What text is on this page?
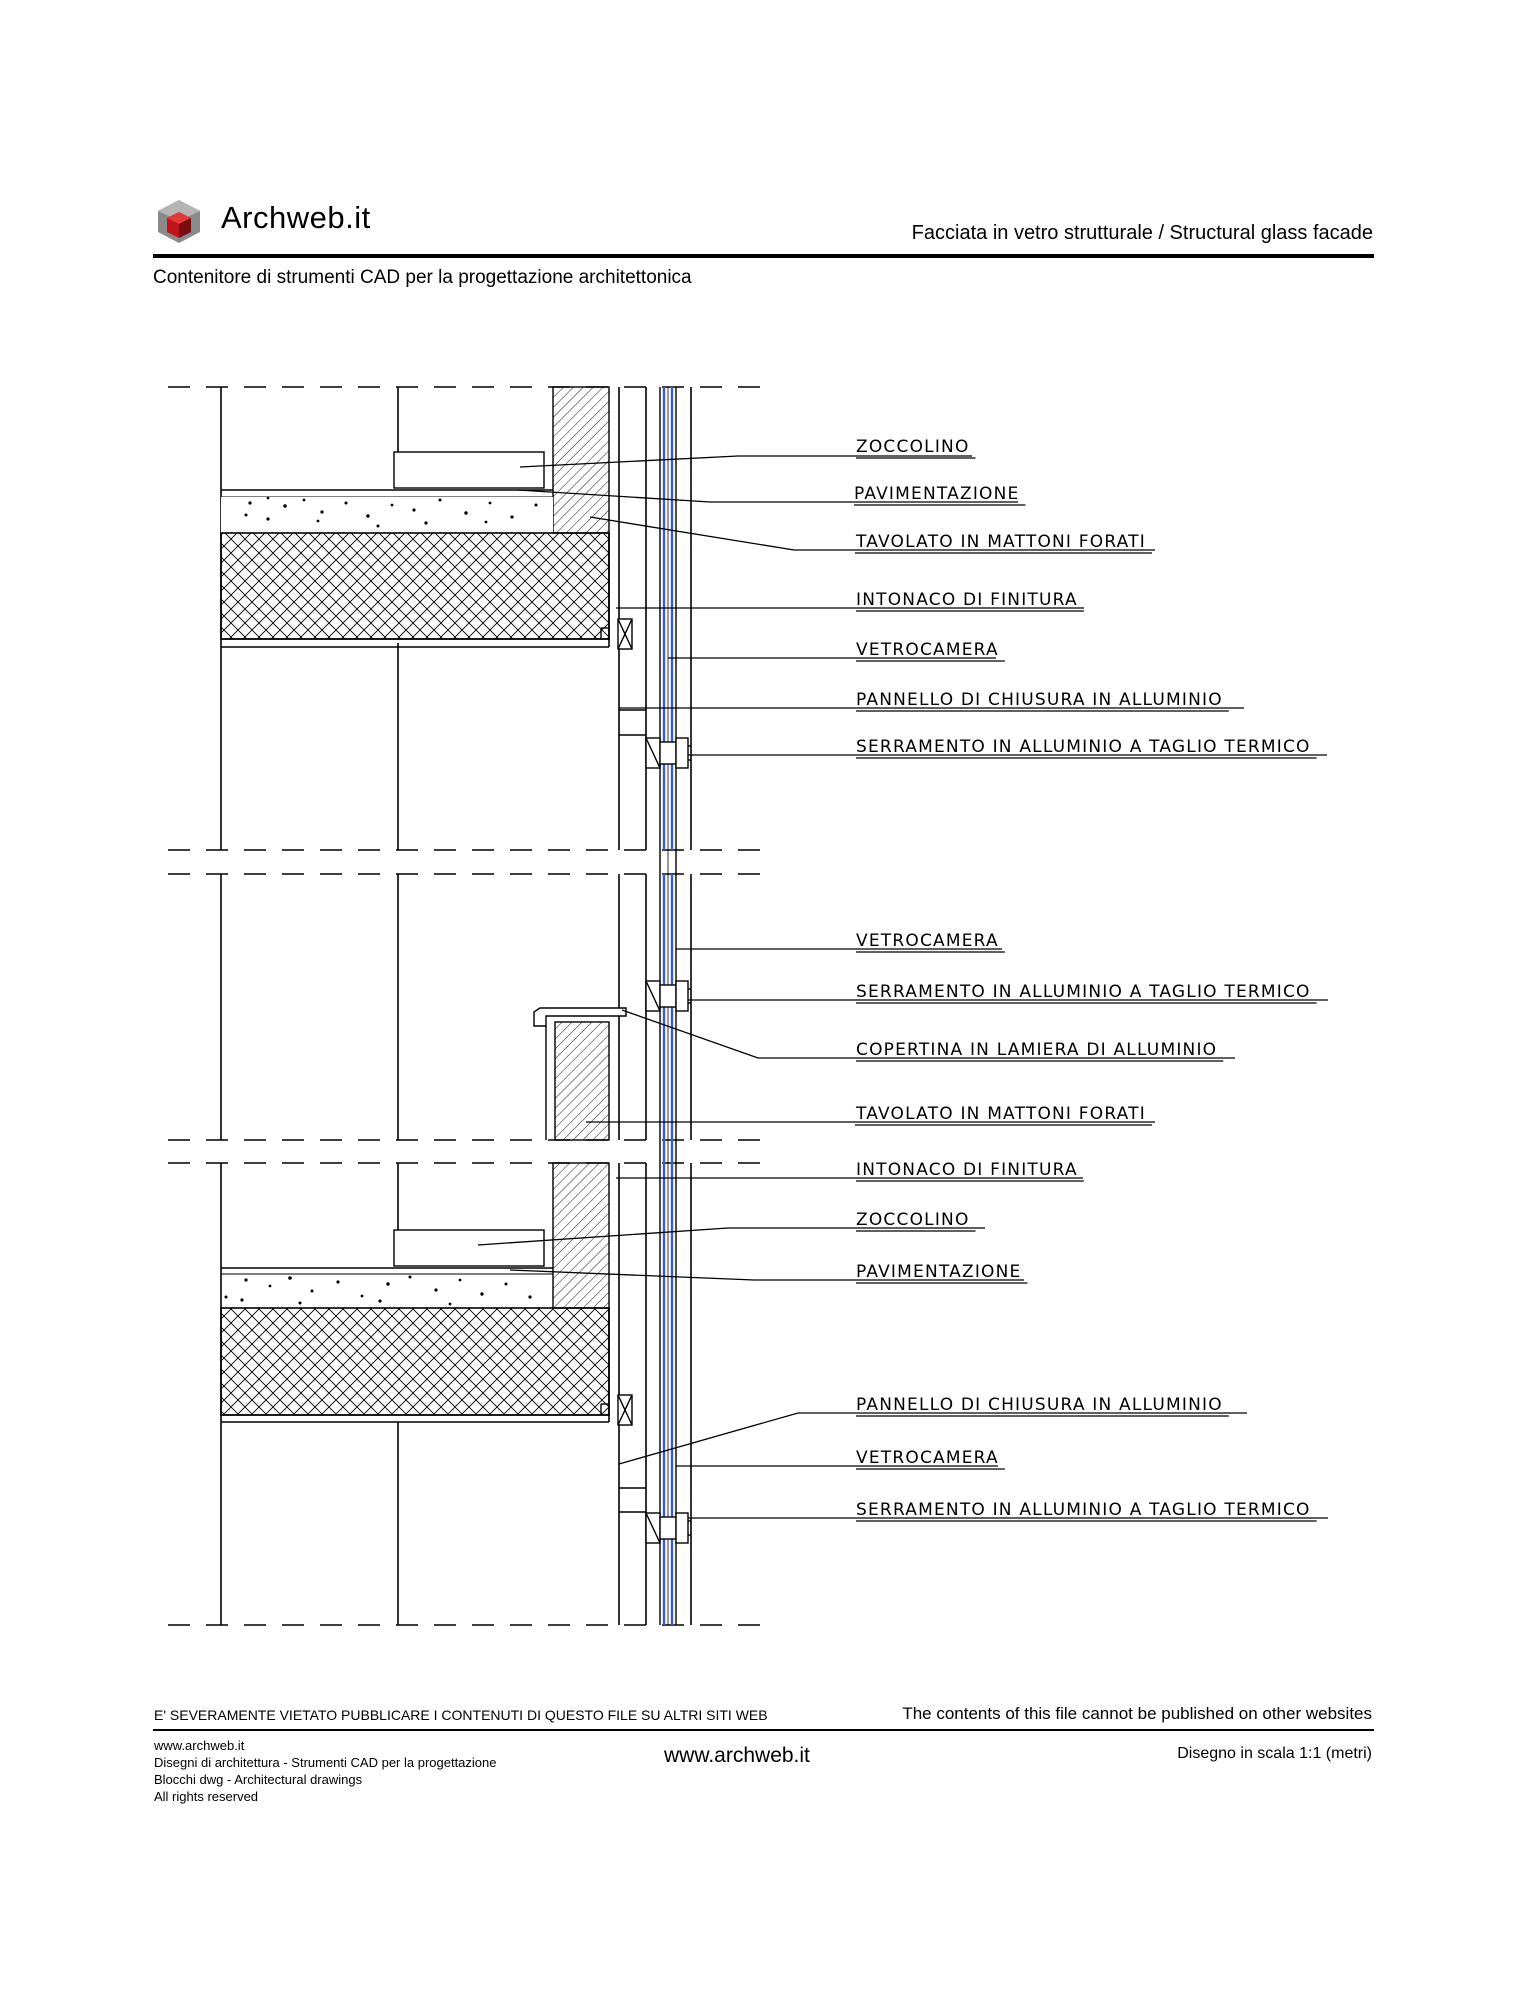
Archweb.it	Facciata in vetro strutturale / Structural glass facade
Contenitore di strumenti CAD per la progettazione architettonica
ZOCCOLINO
PAVIMENTAZIONE
TAVOLATO IN MATTONI FORATI
INTONACO DI FINITURA
VETROCAMERA
PANNELLO DI CHIUSURA IN ALLUMINIO
SERRAMENTO IN ALLUMINIO A TAGLIO TERMICO
VETROCAMERA
SERRAMENTO IN ALLUMINIO A TAGLIO TERMICO
COPERTINA IN LAMIERA DI ALLUMINIO
TAVOLATO IN MATTONI FORATI
INTONACO DI FINITURA
ZOCCOLINO
PAVIMENTAZIONE
PANNELLO DI CHIUSURA IN ALLUMINIO
VETROCAMERA
SERRAMENTO IN ALLUMINIO A TAGLIO TERMICO
E' SEVERAMENTE VIETATO PUBBLICARE I CONTENUTI DI QUESTO FILE SU ALTRI SITI WEB	The contents of this file cannot be published on other websites
www.archweb.it
Disegni di architettura - Strumenti CAD per la progettazione
Blocchi dwg - Architectural drawings
All rights reserved
www.archweb.it	Disegno in scala 1:1 (metri)
